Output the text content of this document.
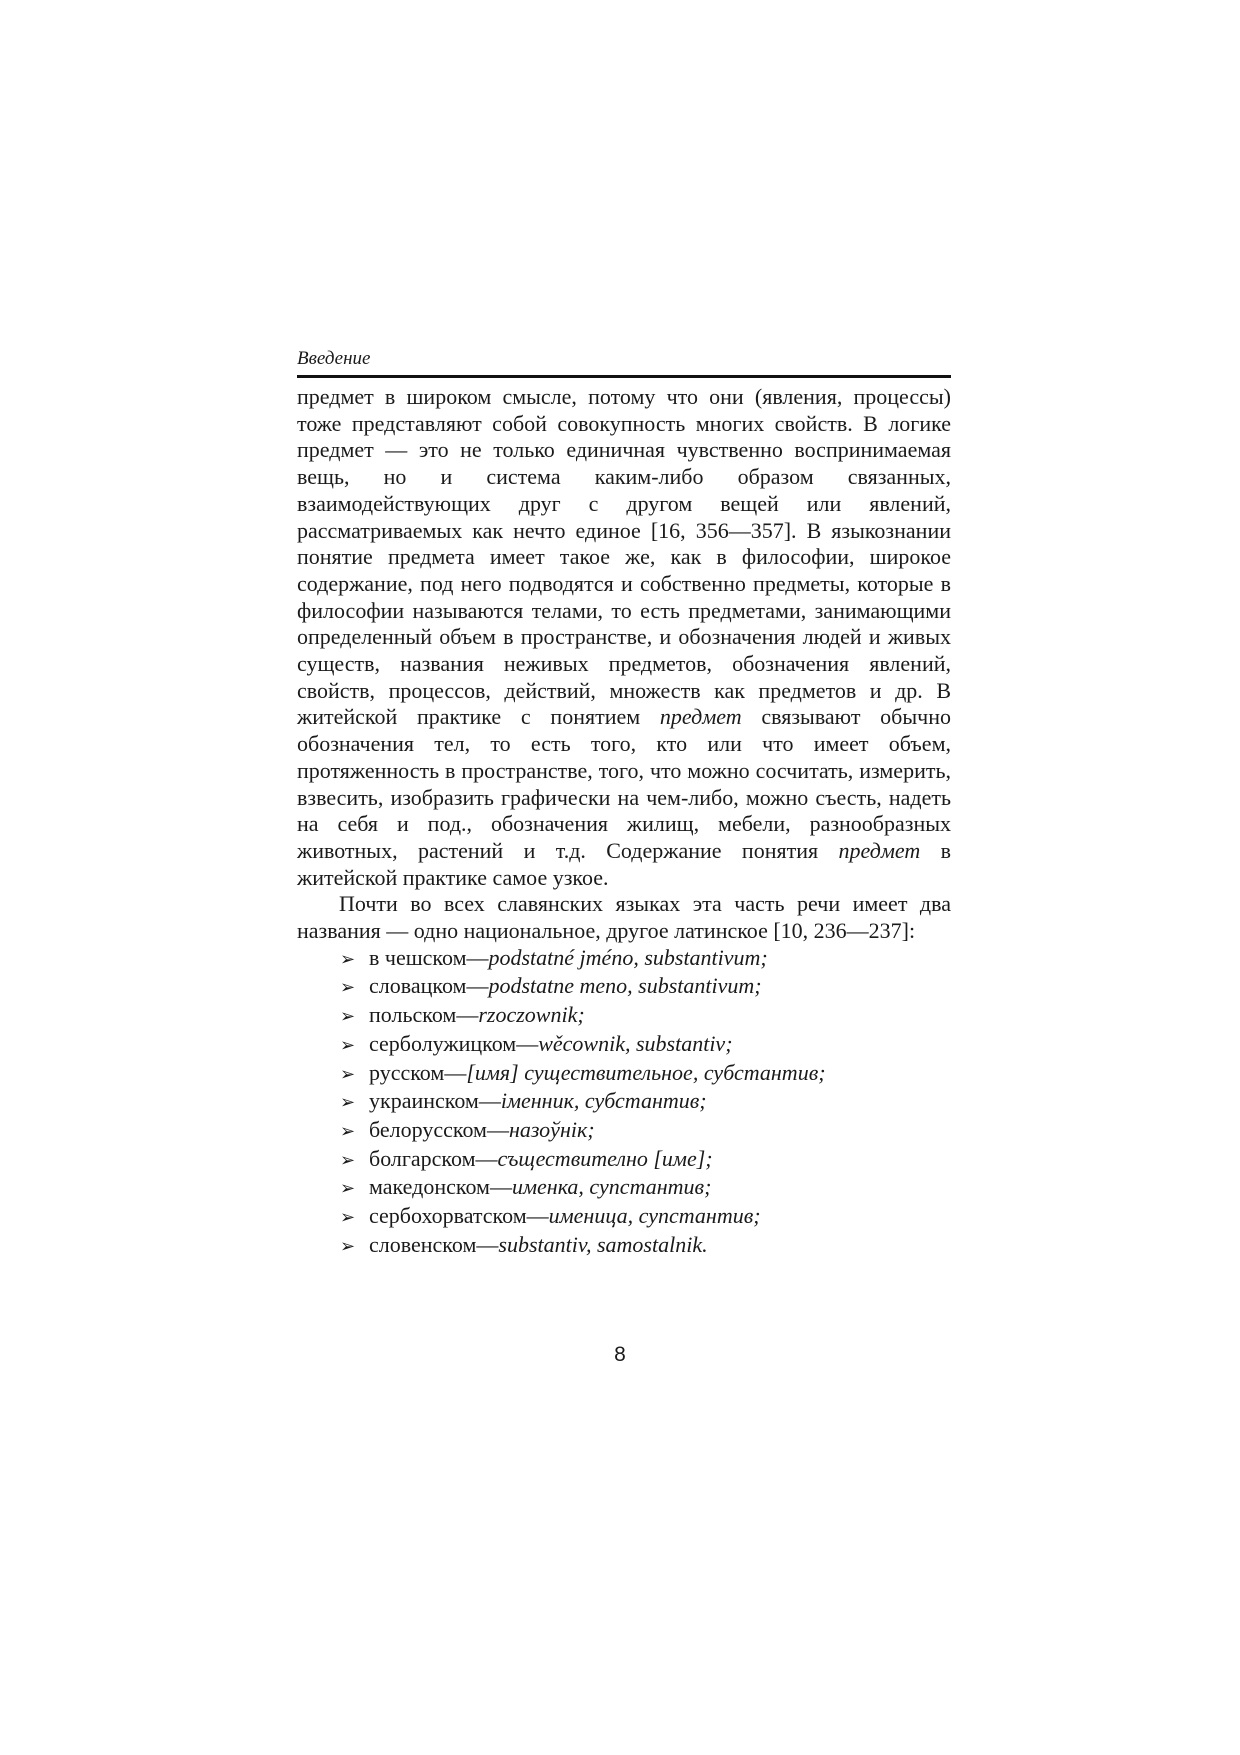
Введение

предмет в широком смысле, потому что они (явления, процессы) тоже представляют собой совокупность многих свойств. В логике предмет — это не только единичная чувственно воспринимаемая вещь, но и система каким-либо образом связанных, взаимодействующих друг с другом вещей или явлений, рассматриваемых как нечто единое [16, 356—357]. В языкознании понятие предмета имеет такое же, как в философии, широкое содержание, под него подводятся и собственно предметы, которые в философии называются телами, то есть предметами, занимающими определенный объем в пространстве, и обозначения людей и живых существ, названия неживых предметов, обозначения явлений, свойств, процессов, действий, множеств как предметов и др. В житейской практике с понятием предмет связывают обычно обозначения тел, то есть того, кто или что имеет объем, протяженность в пространстве, того, что можно сосчитать, измерить, взвесить, изобразить графически на чем-либо, можно съесть, надеть на себя и под., обозначения жилищ, мебели, разнообразных животных, растений и т.д. Содержание понятия предмет в житейской практике самое узкое.

Почти во всех славянских языках эта часть речи имеет два названия — одно национальное, другое латинское [10, 236—237]:

➢ в чешском — podstatné jméno, substantivum;
➢ словацком — podstatne meno, substantivum;
➢ польском — rzoczownik;
➢ серболужицком — wěcownik, substantiv;
➢ русском — [имя] существительное, субстантив;
➢ украинском — іменник, субстантив;
➢ белорусском — назоўнік;
➢ болгарском — съществително [име];
➢ македонском — именка, супстантив;
➢ сербохорватском — именица, супстантив;
➢ словенском — substantiv, samostalnik.
8
